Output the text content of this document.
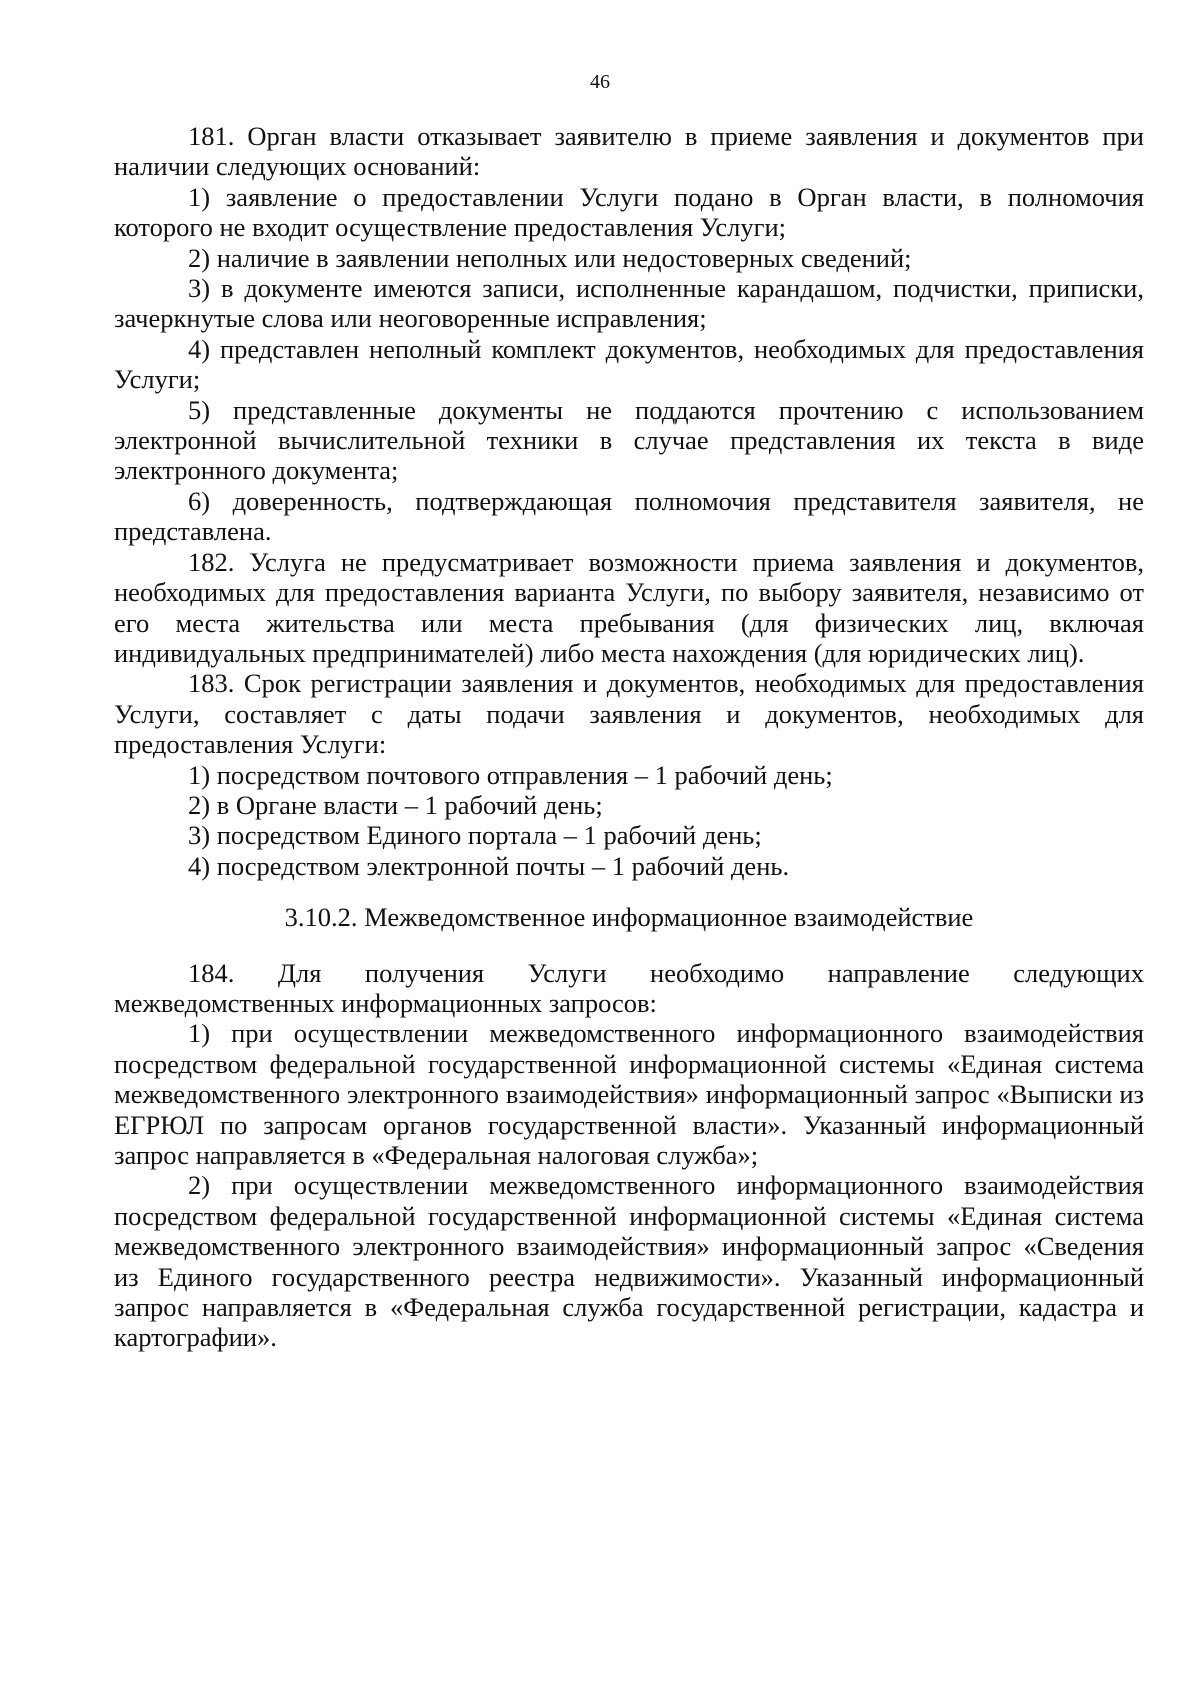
46

181. Орган власти отказывает заявителю в приеме заявления и документов при наличии следующих оснований:

1) заявление о предоставлении Услуги подано в Орган власти, в полномочия которого не входит осуществление предоставления Услуги;

2) наличие в заявлении неполных или недостоверных сведений;

3) в документе имеются записи, исполненные карандашом, подчистки, приписки, зачеркнутые слова или неоговоренные исправления;

4) представлен неполный комплект документов, необходимых для предоставления Услуги;

5) представленные документы не поддаются прочтению с использованием электронной вычислительной техники в случае представления их текста в виде электронного документа;

6) доверенность, подтверждающая полномочия представителя заявителя, не представлена.

182. Услуга не предусматривает возможности приема заявления и документов, необходимых для предоставления варианта Услуги, по выбору заявителя, независимо от его места жительства или места пребывания (для физических лиц, включая индивидуальных предпринимателей) либо места нахождения (для юридических лиц).

183. Срок регистрации заявления и документов, необходимых для предоставления Услуги, составляет с даты подачи заявления и документов, необходимых для предоставления Услуги:

1) посредством почтового отправления – 1 рабочий день;

2) в Органе власти – 1 рабочий день;

3) посредством Единого портала – 1 рабочий день;

4) посредством электронной почты – 1 рабочий день.

3.10.2. Межведомственное информационное взаимодействие

184. Для получения Услуги необходимо направление следующих межведомственных информационных запросов:

1) при осуществлении межведомственного информационного взаимодействия посредством федеральной государственной информационной системы «Единая система межведомственного электронного взаимодействия» информационный запрос «Выписки из ЕГРЮЛ по запросам органов государственной власти». Указанный информационный запрос направляется в «Федеральная налоговая служба»;

2) при осуществлении межведомственного информационного взаимодействия посредством федеральной государственной информационной системы «Единая система межведомственного электронного взаимодействия» информационный запрос «Сведения из Единого государственного реестра недвижимости». Указанный информационный запрос направляется в «Федеральная служба государственной регистрации, кадастра и картографии».
